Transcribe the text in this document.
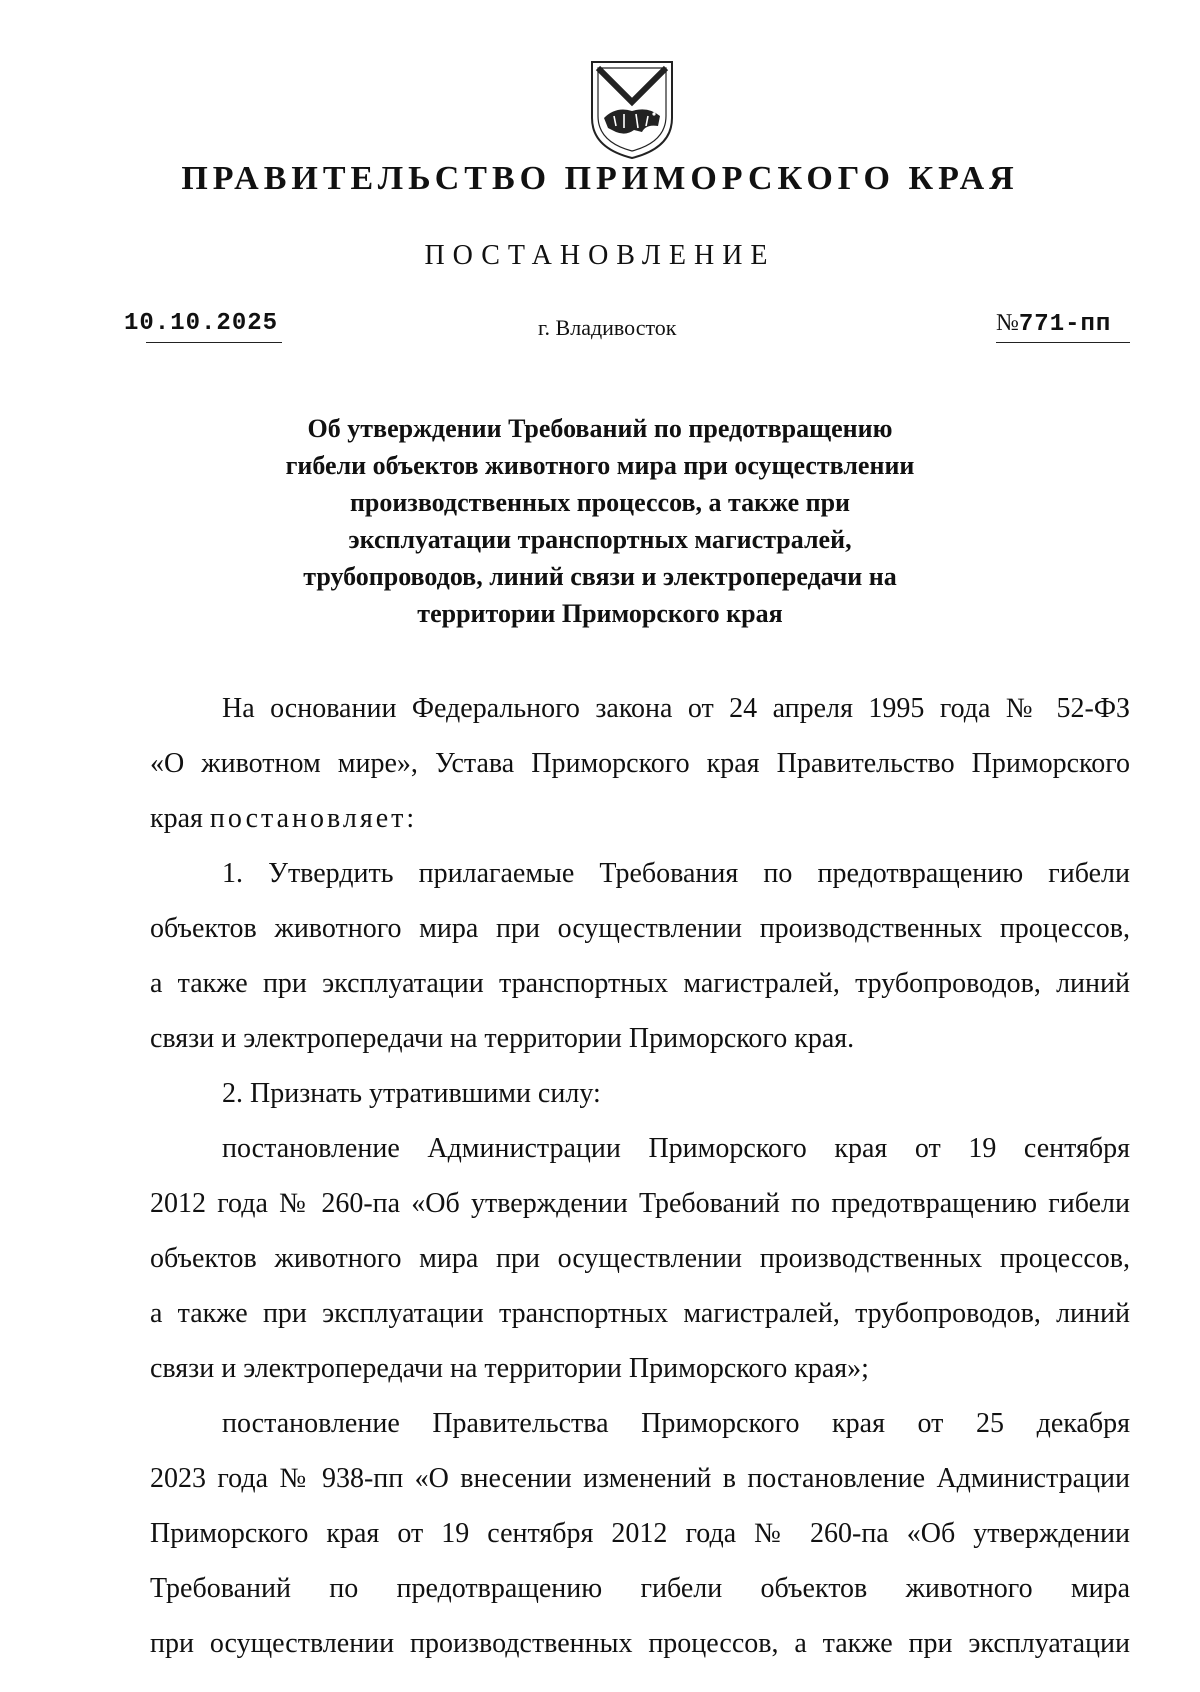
ПРАВИТЕЛЬСТВО ПРИМОРСКОГО КРАЯ
ПОСТАНОВЛЕНИЕ
10.10.2025	г. Владивосток	№771-пп
Об утверждении Требований по предотвращению
гибели объектов животного мира при осуществлении
производственных процессов, а также при
эксплуатации транспортных магистралей,
трубопроводов, линий связи и электропередачи на
территории Приморского края
На основании Федерального закона от 24 апреля 1995 года № 52-ФЗ
«О животном мире», Устава Приморского края Правительство Приморского
края постановляет:
1. Утвердить прилагаемые Требования по предотвращению гибели
объектов животного мира при осуществлении производственных процессов,
а также при эксплуатации транспортных магистралей, трубопроводов, линий
связи и электропередачи на территории Приморского края.
2. Признать утратившими силу:
постановление Администрации Приморского края от 19 сентября
2012 года № 260-па «Об утверждении Требований по предотвращению гибели
объектов животного мира при осуществлении производственных процессов,
а также при эксплуатации транспортных магистралей, трубопроводов, линий
связи и электропередачи на территории Приморского края»;
постановление Правительства Приморского края от 25 декабря
2023 года № 938-пп «О внесении изменений в постановление Администрации
Приморского края от 19 сентября 2012 года № 260-па «Об утверждении
Требований по предотвращению гибели объектов животного мира
при осуществлении производственных процессов, а также при эксплуатации
